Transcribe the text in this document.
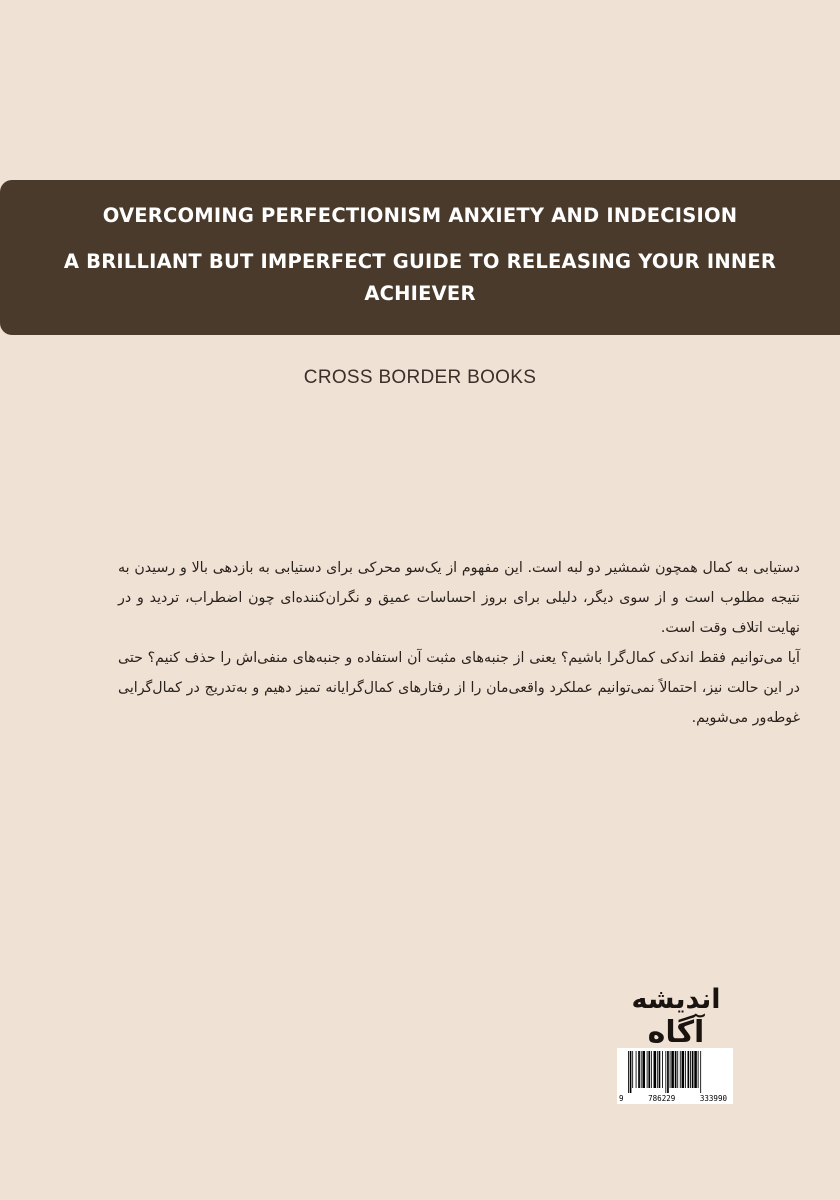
OVERCOMING PERFECTIONISM ANXIETY AND INDECISION
A BRILLIANT BUT IMPERFECT GUIDE TO RELEASING YOUR INNER ACHIEVER
CROSS BORDER BOOKS

دستیابی به کمال همچون شمشیر دو لبه است. این مفهوم از یک‌سو محرکی برای دستیابی به بازدهی بالا و رسیدن به نتیجه مطلوب است و از سوی دیگر، دلیلی برای بروز احساسات عمیق و نگران‌کننده‌ای چون اضطراب، تردید و در نهایت اتلاف وقت است.

آیا می‌توانیم فقط اندکی کمال‌گرا باشیم؟ یعنی از جنبه‌های مثبت آن استفاده و جنبه‌های منفی‌اش را حذف کنیم؟ حتی در این حالت نیز، احتمالاً نمی‌توانیم عملکرد واقعی‌مان را از رفتارهای کمال‌گرایانه تمیز دهیم و به‌تدریج در کمال‌گرایی غوطه‌ور می‌شویم.

اندیشه
آگاه
9	786229	333990
